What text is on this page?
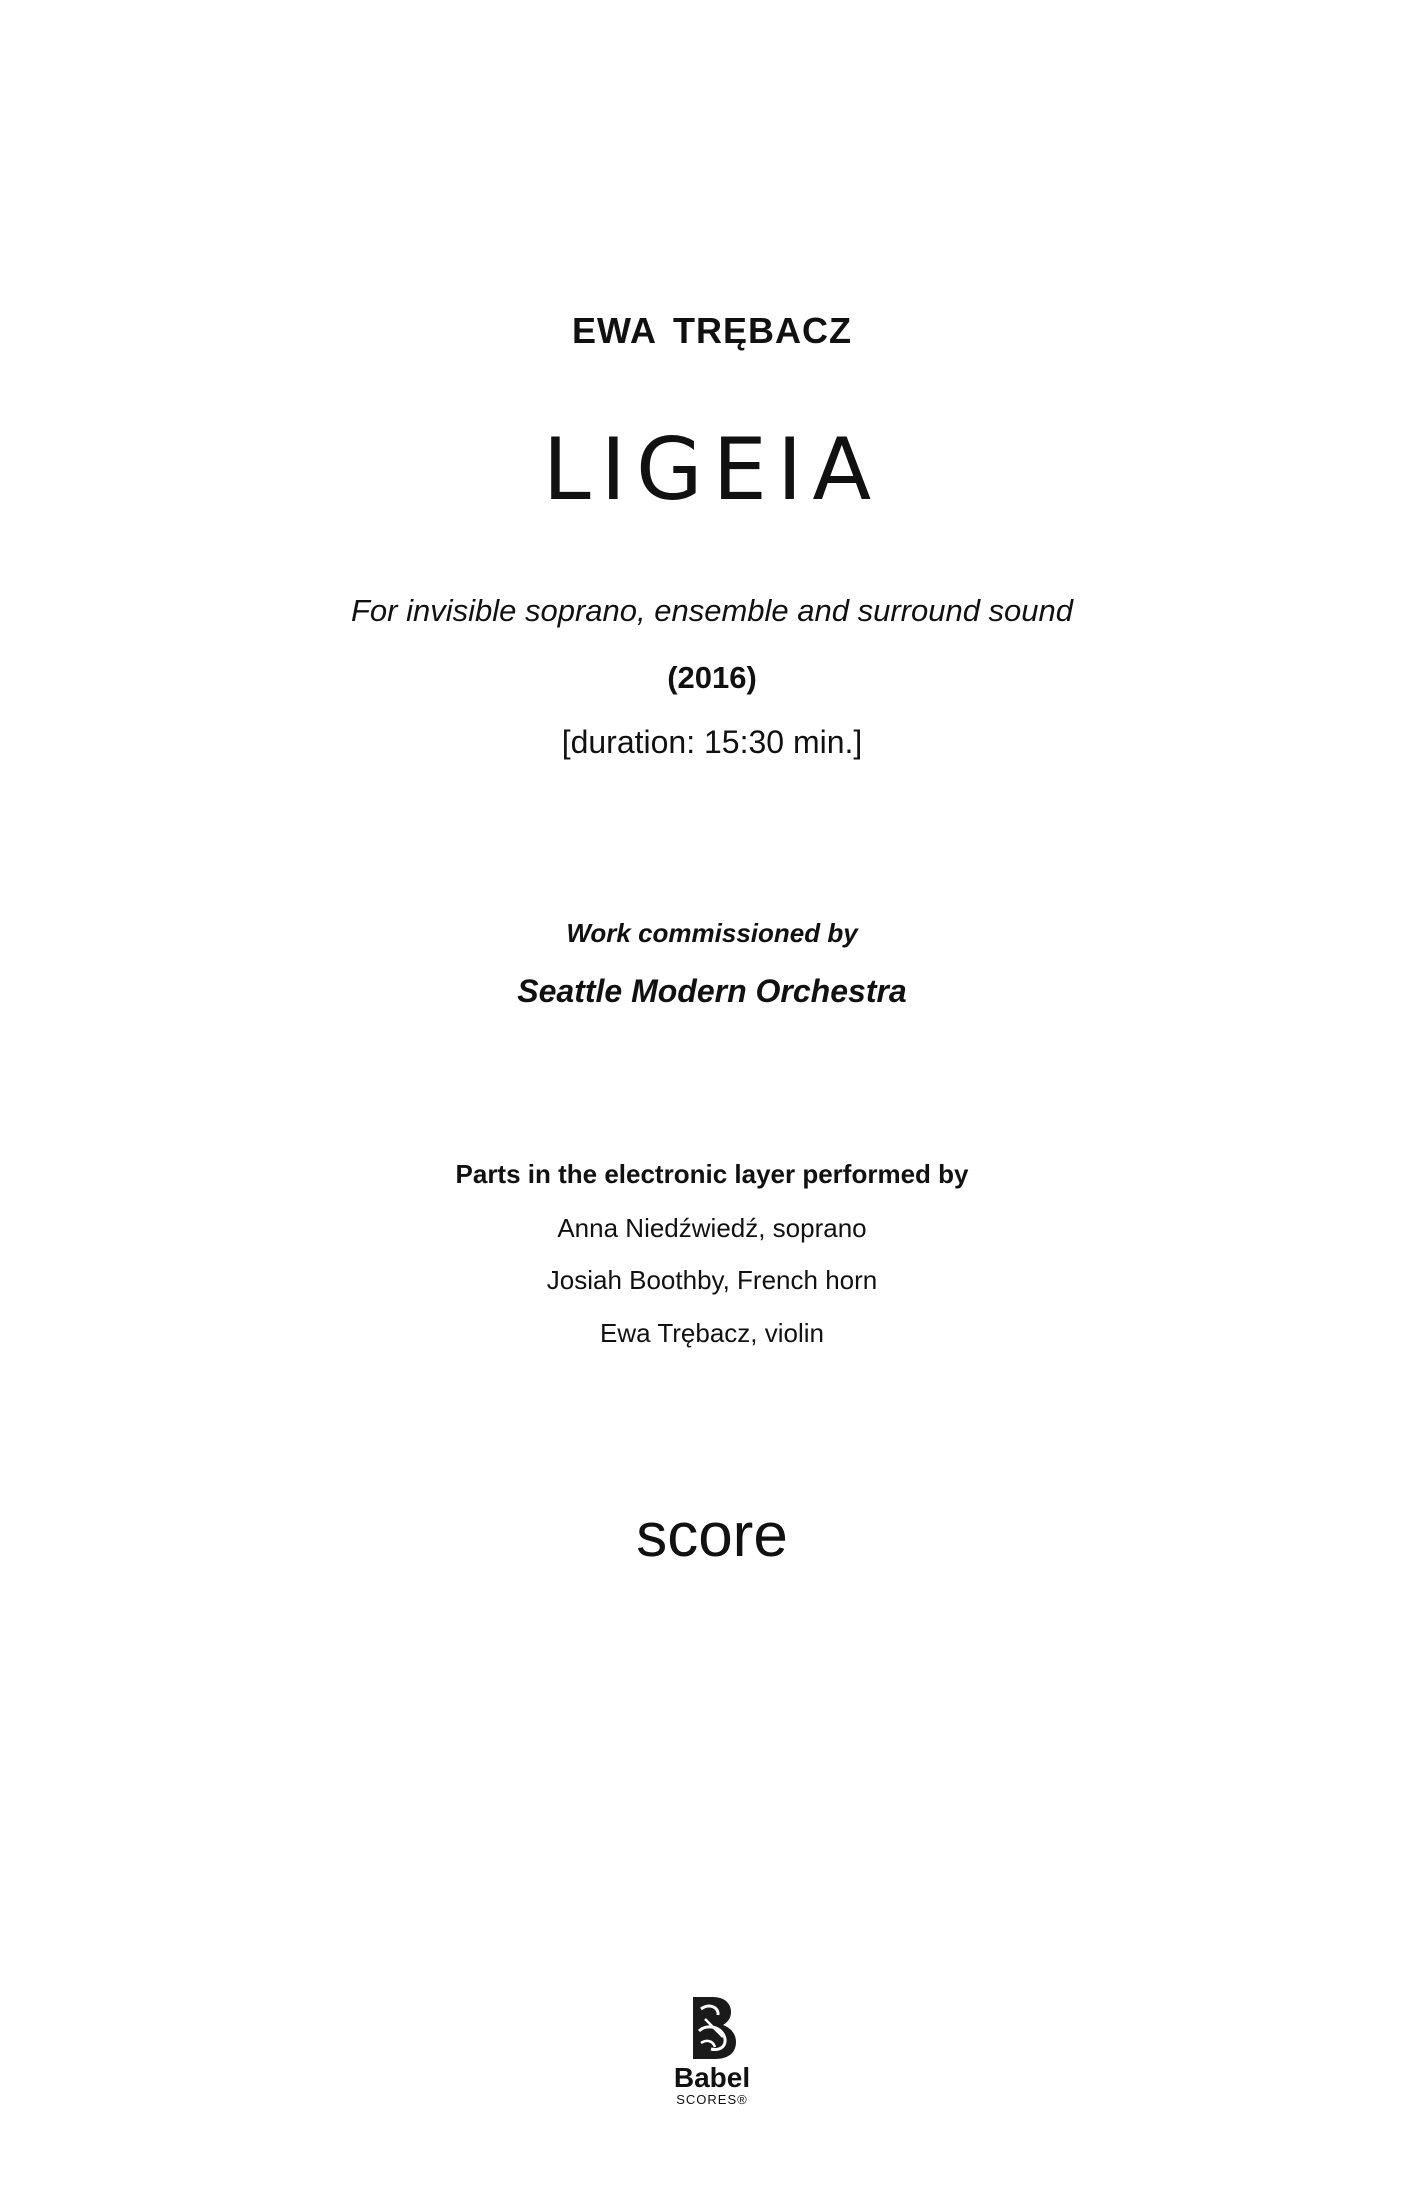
EWA TRĘBACZ
LIGEIA
For invisible soprano, ensemble and surround sound
(2016)
[duration: 15:30 min.]
Work commissioned by
Seattle Modern Orchestra
Parts in the electronic layer performed by
Anna Niedźwiedź, soprano
Josiah Boothby, French horn
Ewa Trębacz, violin
score
Babel
SCORES®
